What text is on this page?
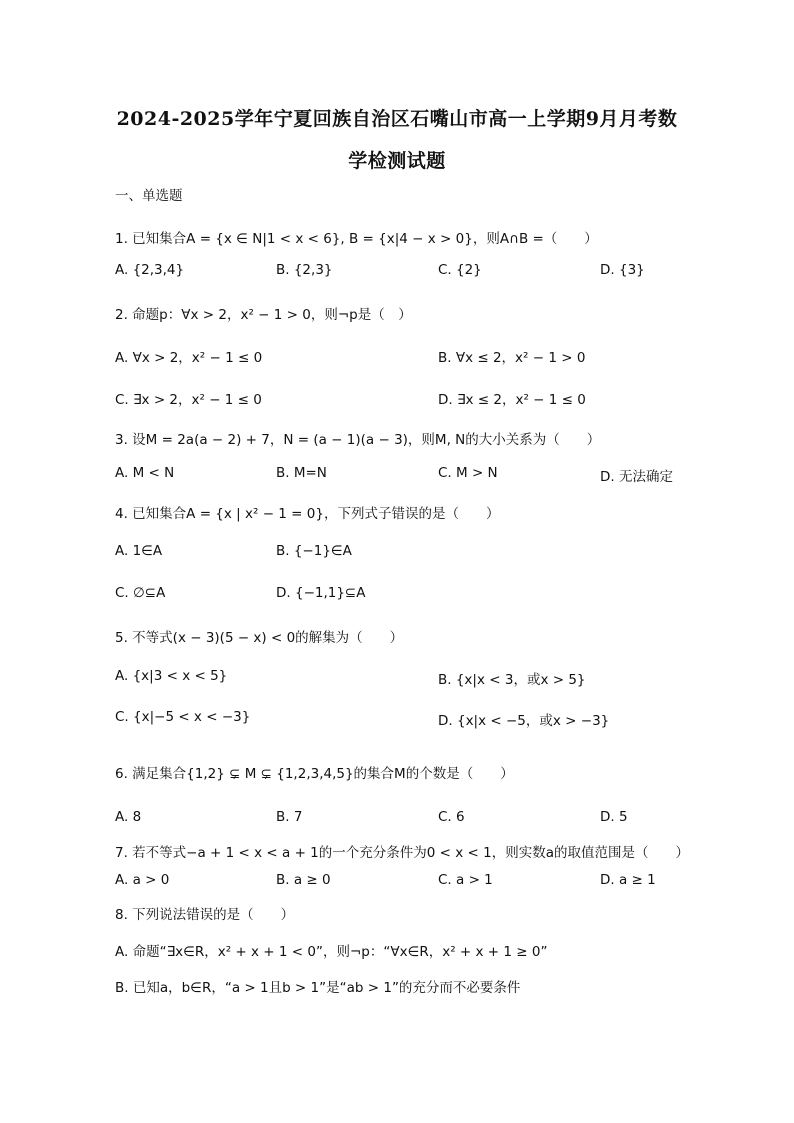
2024-2025学年宁夏回族自治区石嘴山市高一上学期9月月考数
学检测试题
一、单选题
1. 已知集合A = {x ∈ N|1 < x < 6}, B = {x|4 − x > 0}，则A∩B =（　　）
A. {2,3,4}	B. {2,3}	C. {2}	D. {3}
2. 命题p：∀x > 2，x² − 1 > 0，则¬p是（　）
A. ∀x > 2，x² − 1 ≤ 0	B. ∀x ≤ 2，x² − 1 > 0
C. ∃x > 2，x² − 1 ≤ 0	D. ∃x ≤ 2，x² − 1 ≤ 0
3. 设M = 2a(a − 2) + 7，N = (a − 1)(a − 3)，则M, N的大小关系为（　　）
A. M < N	B. M=N	C. M > N	D. 无法确定
4. 已知集合A = {x | x² − 1 = 0}，下列式子错误的是（　　）
A. 1∈A	B. {−1}∈A
C. ∅⊆A	D. {−1,1}⊆A
5. 不等式(x − 3)(5 − x) < 0的解集为（　　）
A. {x|3 < x < 5}	B. {x|x < 3，或x > 5}
C. {x|−5 < x < −3}	D. {x|x < −5，或x > −3}
6. 满足集合{1,2} ⊊ M ⊊ {1,2,3,4,5}的集合M的个数是（　　）
A. 8	B. 7	C. 6	D. 5
7. 若不等式−a + 1 < x < a + 1的一个充分条件为0 < x < 1，则实数a的取值范围是（　　）
A. a > 0	B. a ≥ 0	C. a > 1	D. a ≥ 1
8. 下列说法错误的是（　　）
A. 命题“∃x∈R，x² + x + 1 < 0”，则¬p：“∀x∈R，x² + x + 1 ≥ 0”
B. 已知a，b∈R，“a > 1且b > 1”是“ab > 1”的充分而不必要条件
